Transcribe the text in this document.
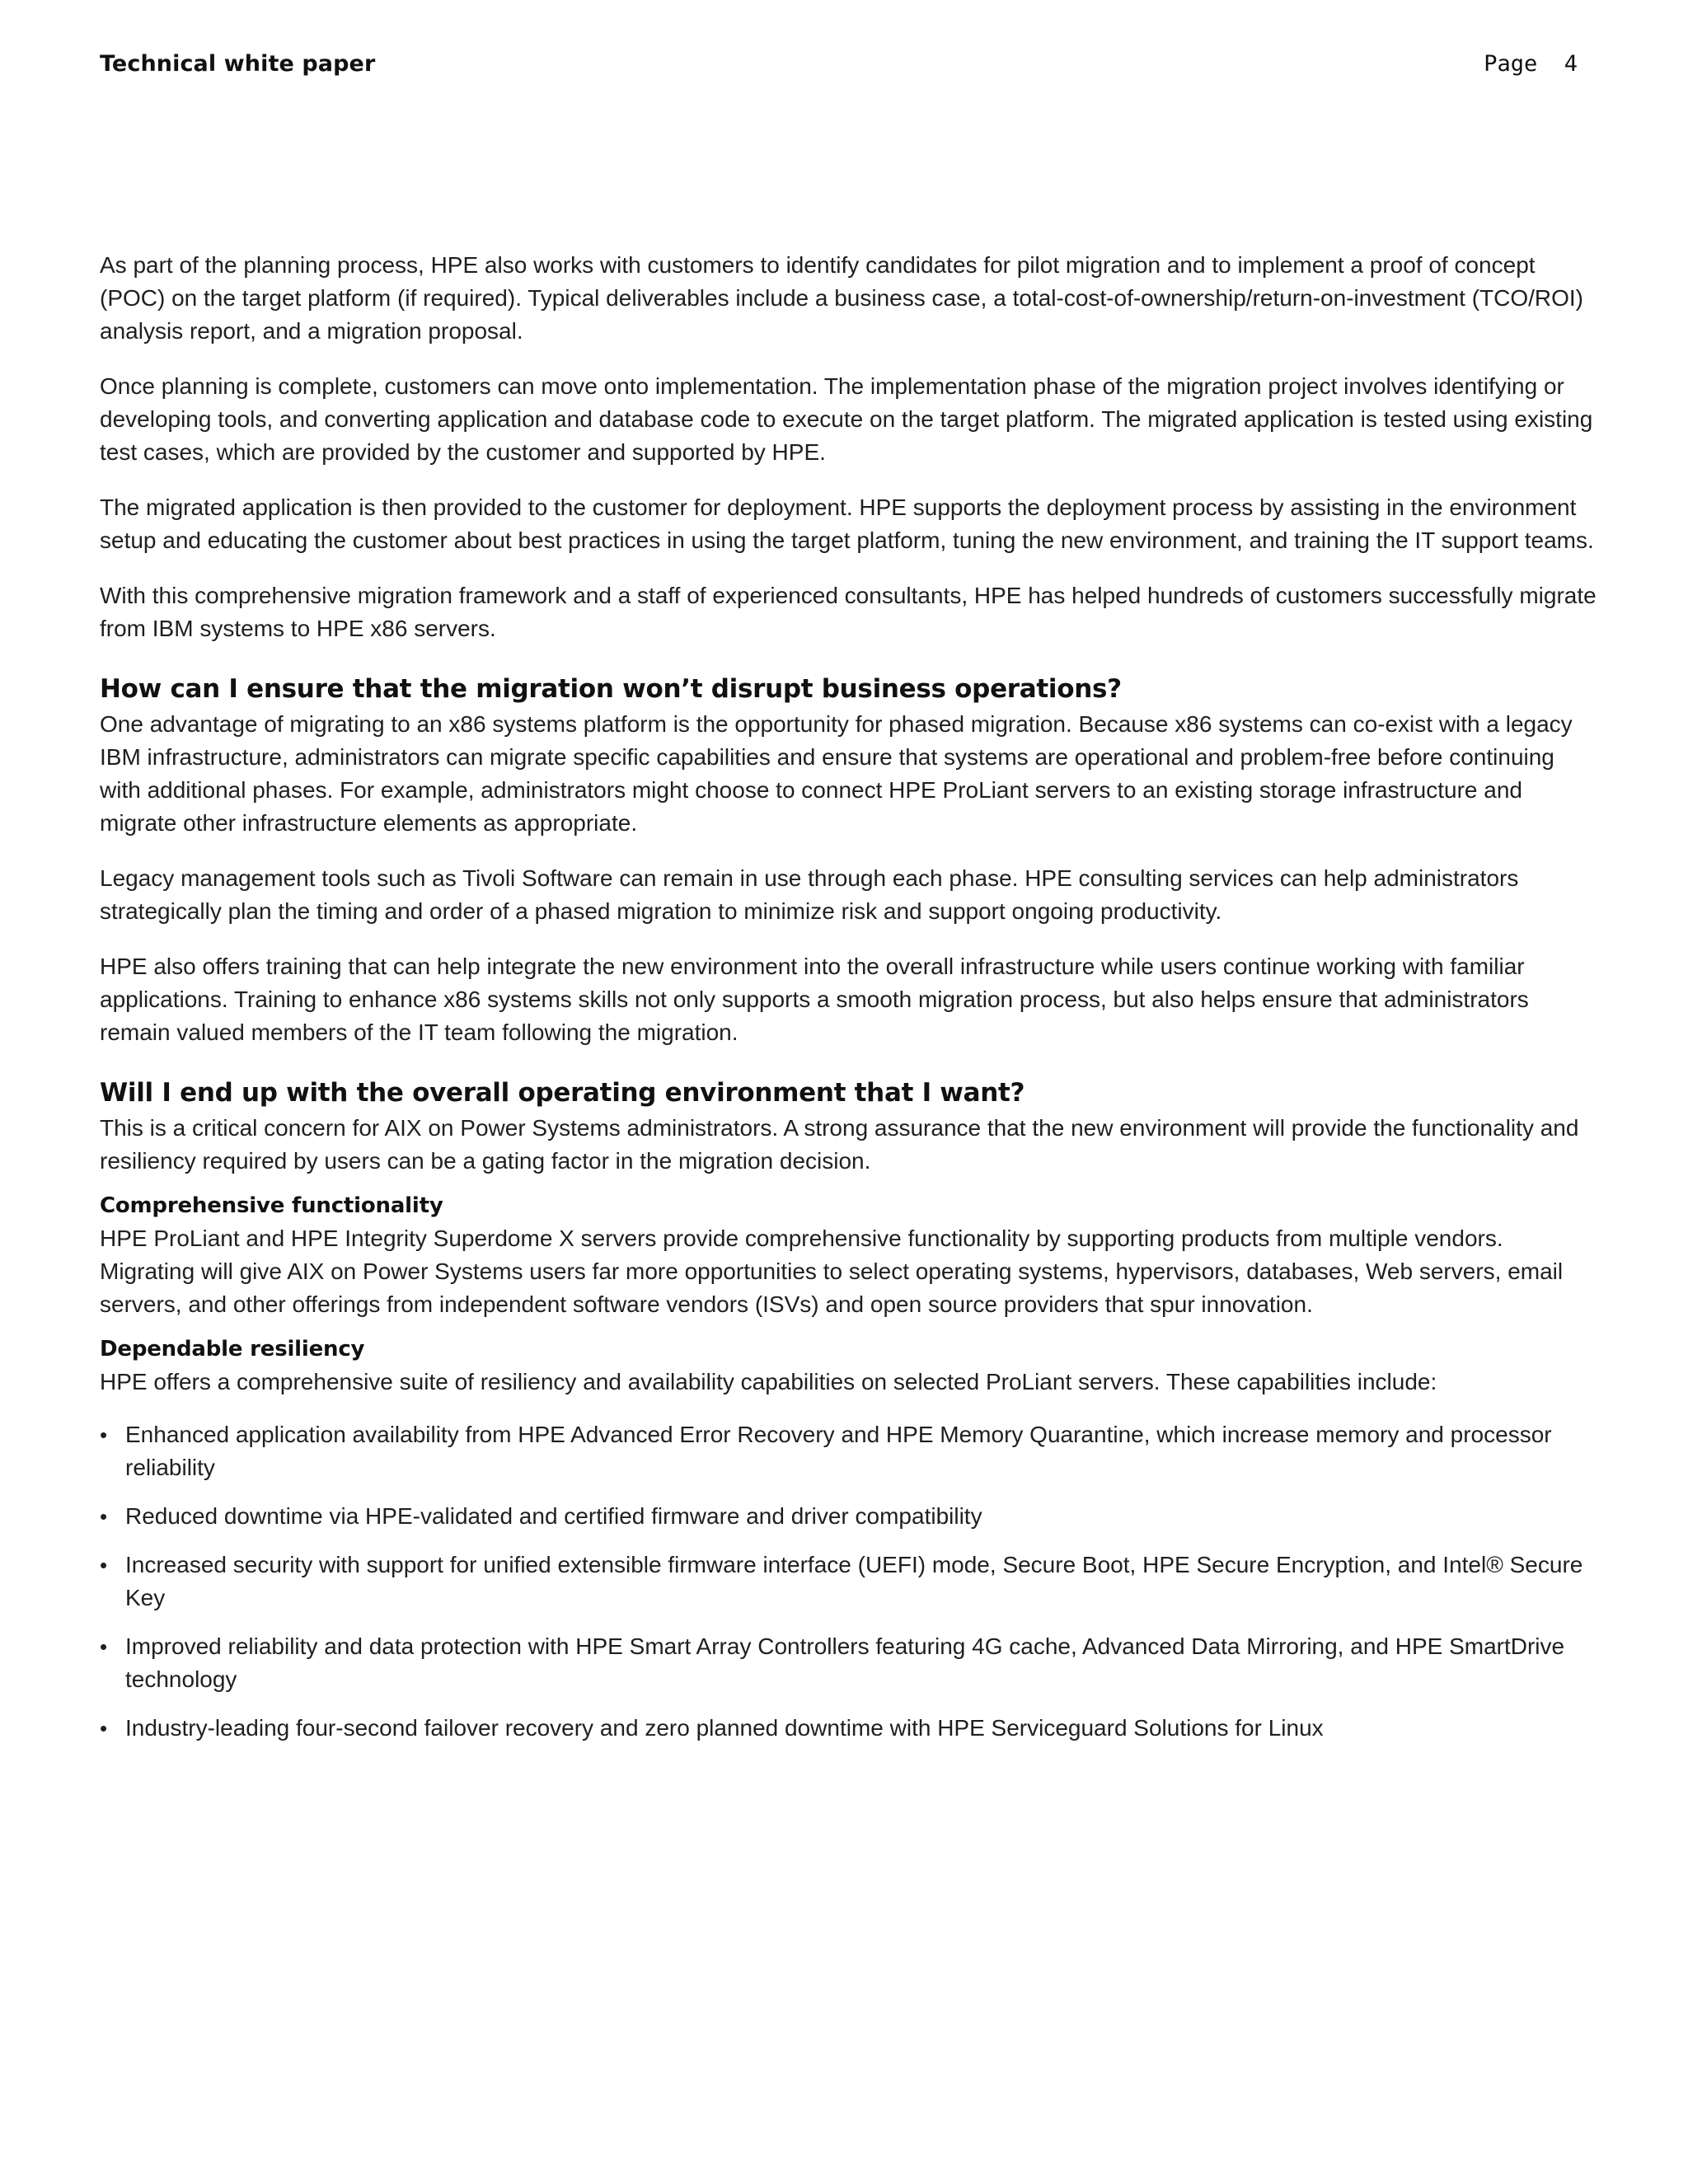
Technical white paper	Page  4

As part of the planning process, HPE also works with customers to identify candidates for pilot migration and to implement a proof of concept (POC) on the target platform (if required). Typical deliverables include a business case, a total-cost-of-ownership/return-on-investment (TCO/ROI) analysis report, and a migration proposal.

Once planning is complete, customers can move onto implementation. The implementation phase of the migration project involves identifying or developing tools, and converting application and database code to execute on the target platform. The migrated application is tested using existing test cases, which are provided by the customer and supported by HPE.

The migrated application is then provided to the customer for deployment. HPE supports the deployment process by assisting in the environment setup and educating the customer about best practices in using the target platform, tuning the new environment, and training the IT support teams.

With this comprehensive migration framework and a staff of experienced consultants, HPE has helped hundreds of customers successfully migrate from IBM systems to HPE x86 servers.

How can I ensure that the migration won’t disrupt business operations?

One advantage of migrating to an x86 systems platform is the opportunity for phased migration. Because x86 systems can co-exist with a legacy IBM infrastructure, administrators can migrate specific capabilities and ensure that systems are operational and problem-free before continuing with additional phases. For example, administrators might choose to connect HPE ProLiant servers to an existing storage infrastructure and migrate other infrastructure elements as appropriate.

Legacy management tools such as Tivoli Software can remain in use through each phase. HPE consulting services can help administrators strategically plan the timing and order of a phased migration to minimize risk and support ongoing productivity.

HPE also offers training that can help integrate the new environment into the overall infrastructure while users continue working with familiar applications. Training to enhance x86 systems skills not only supports a smooth migration process, but also helps ensure that administrators remain valued members of the IT team following the migration.

Will I end up with the overall operating environment that I want?

This is a critical concern for AIX on Power Systems administrators. A strong assurance that the new environment will provide the functionality and resiliency required by users can be a gating factor in the migration decision.

Comprehensive functionality

HPE ProLiant and HPE Integrity Superdome X servers provide comprehensive functionality by supporting products from multiple vendors. Migrating will give AIX on Power Systems users far more opportunities to select operating systems, hypervisors, databases, Web servers, email servers, and other offerings from independent software vendors (ISVs) and open source providers that spur innovation.

Dependable resiliency

HPE offers a comprehensive suite of resiliency and availability capabilities on selected ProLiant servers. These capabilities include:

• Enhanced application availability from HPE Advanced Error Recovery and HPE Memory Quarantine, which increase memory and processor reliability
• Reduced downtime via HPE-validated and certified firmware and driver compatibility
• Increased security with support for unified extensible firmware interface (UEFI) mode, Secure Boot, HPE Secure Encryption, and Intel® Secure Key
• Improved reliability and data protection with HPE Smart Array Controllers featuring 4G cache, Advanced Data Mirroring, and HPE SmartDrive technology
• Industry-leading four-second failover recovery and zero planned downtime with HPE Serviceguard Solutions for Linux
